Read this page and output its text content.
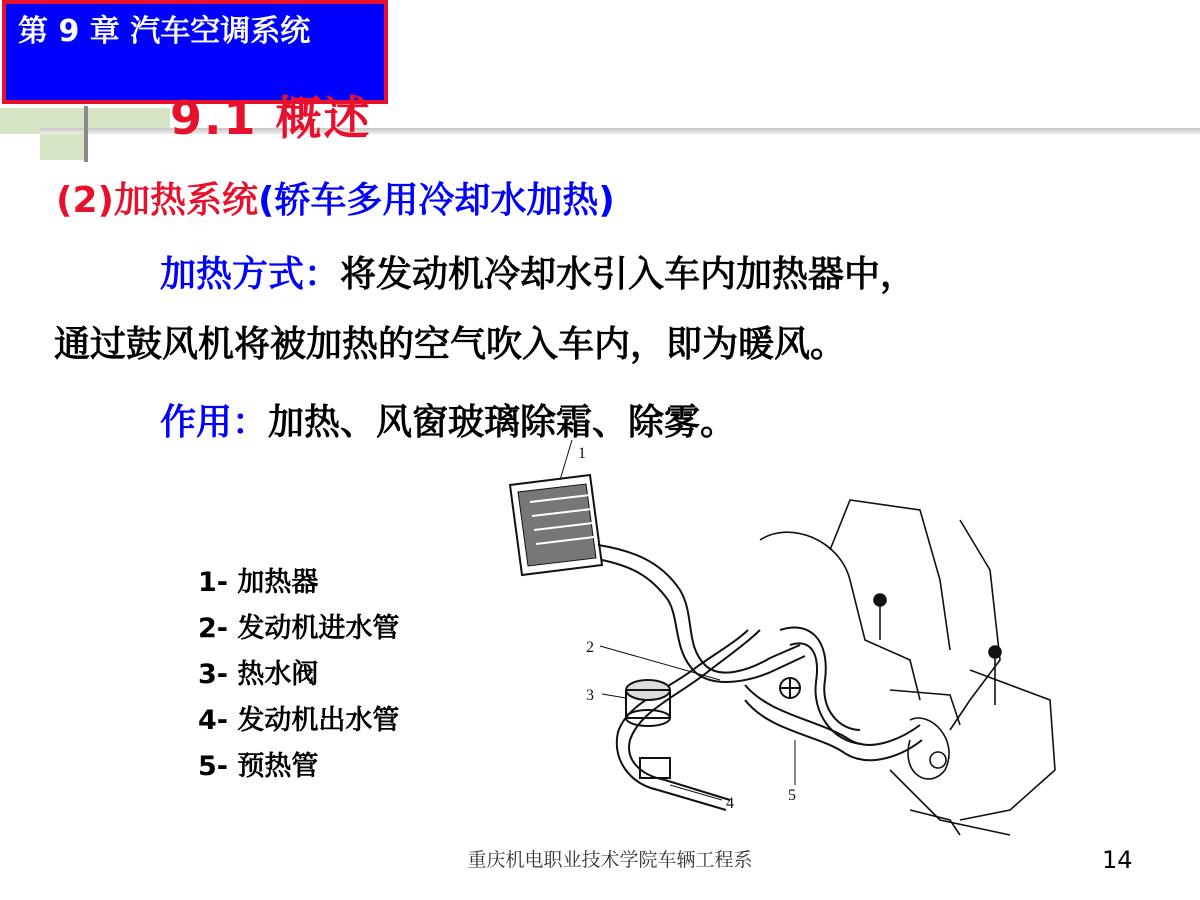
第 9 章 汽车空调系统
9.1 概述
(2)加热系统(轿车多用冷却水加热)
加热方式：将发动机冷却水引入车内加热器中，
通过鼓风机将被加热的空气吹入车内，即为暖风。
作用：加热、风窗玻璃除霜、除雾。
1- 加热器
2- 发动机进水管
3- 热水阀
4- 发动机出水管
5- 预热管
1
2
3
4	5
重庆机电职业技术学院车辆工程系	14
